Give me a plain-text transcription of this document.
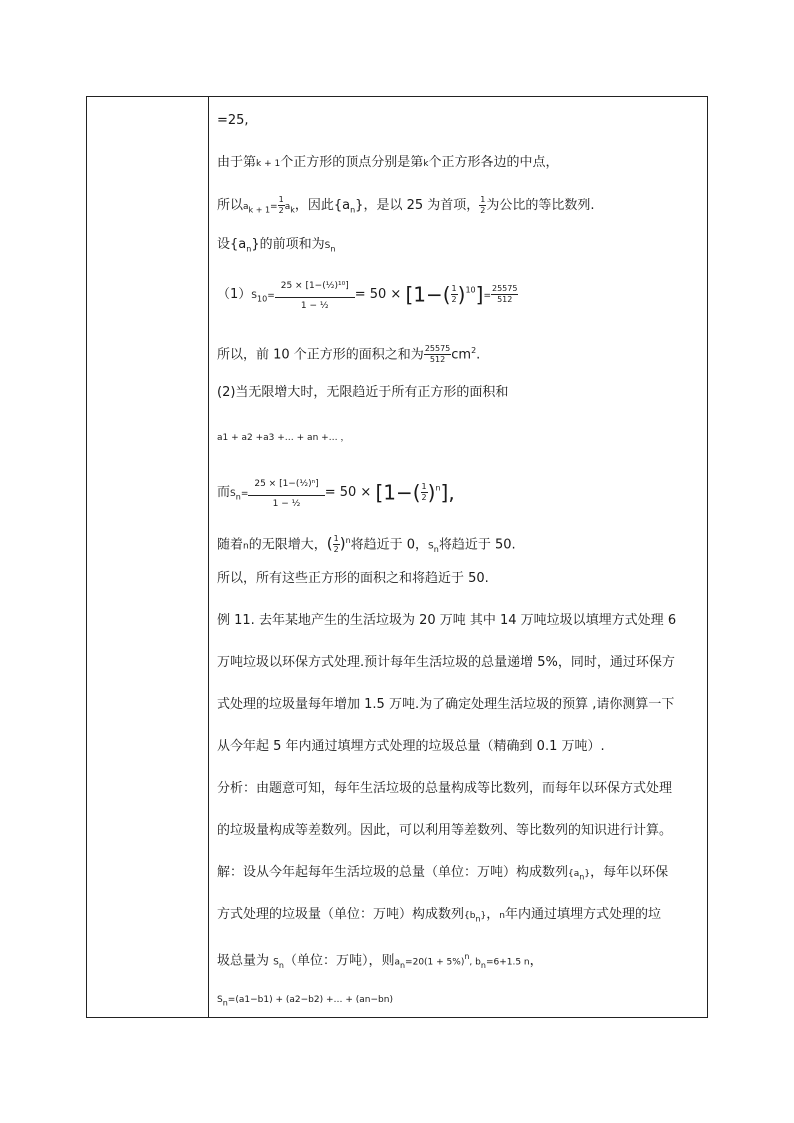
=25,
由于第k + 1个正方形的顶点分别是第k个正方形各边的中点，
所以$a_{k + 1}= \frac{1}{2} a_k$，因此$\{a_n\}$，是以 25 为首项， $\frac{1}{2}$ 为公比的等比数列.
设$\{a_n\}$的前项和为$S_n$
$(1)S_{10}= \frac{\text{25 × [1−(½)¹⁰]}}{\text{1 − ½}} = 50 \times [1-( \frac{1}{2} )^{10}]= \frac{25575}{512}$
所以，前 10 个正方形的面积之和为 $\frac{25575}{512} cm^2$.
(2)当无限增大时，无限趋近于所有正方形的面积和
a1 + a2 +a3 +… + an +… ，
而$S_n= \frac{\text{25 × [1−(½)ⁿ]}}{\text{1 − ½}} = 50 \times [1-( \frac{1}{2} )^n]$,
随着n的无限增大，( $\frac{1}{2} )^n$将趋近于 0，$S_n$将趋近于 50.
所以，所有这些正方形的面积之和将趋近于 50.
例 11. 去年某地产生的生活垃圾为 20 万吨 其中 14 万吨垃圾以填埋方式处理 6
万吨垃圾以环保方式处理.预计每年生活垃圾的总量递增 5%，同时，通过环保方
式处理的垃圾量每年增加 1.5 万吨.为了确定处理生活垃圾的预算 ,请你测算一下
从今年起 5 年内通过填埋方式处理的垃圾总量（精确到 0.1 万吨）.
分析：由题意可知，每年生活垃圾的总量构成等比数列，而每年以环保方式处理
的垃圾量构成等差数列。因此，可以利用等差数列、等比数列的知识进行计算。
解：设从今年起每年生活垃圾的总量（单位：万吨）构成数列$\{a_n\}$，每年以环保
方式处理的垃圾量（单位：万吨）构成数列$\{b_n\}$，n年内通过填埋方式处理的垃
圾总量为 $S_n$（单位：万吨），则$a_n=20(1 + 5\%)^n$, $b_n=6+1.5$ n，
$S_n=(a1-b1) + (a2-b2)$ +… + (an−bn)
